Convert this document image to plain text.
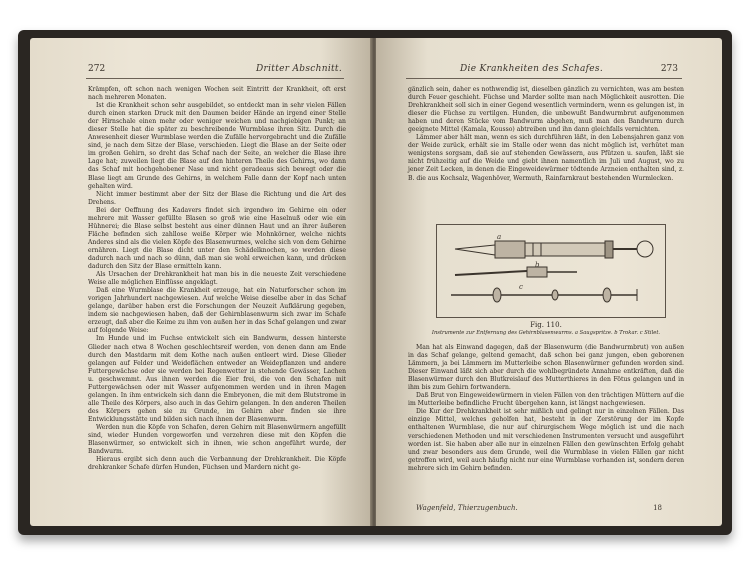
272	Dritter Abschnitt.

Krämpfen, oft schon nach wenigen Wochen seit Eintritt der Krankheit, oft erst nach mehreren Monaten.

Ist die Krankheit schon sehr ausgebildet, so entdeckt man in sehr vielen Fällen durch einen starken Druck mit den Daumen beider Hände an irgend einer Stelle der Hirnschale einen mehr oder weniger weichen und nachgiebigen Punkt; an dieser Stelle hat die später zu beschreibende Wurmblase ihren Sitz. Durch die Anwesenheit dieser Wurmblase werden die Zufälle hervorgebracht und die Zufälle sind, je nach dem Sitze der Blase, verschieden. Liegt die Blase an der Seite oder im großen Gehirn, so dreht das Schaf nach der Seite, an welcher die Blase ihre Lage hat; zuweilen liegt die Blase auf den hinteren Theile des Gehirns, wo dann das Schaf mit hochgehobener Nase und nicht geradeaus sich bewegt oder die Blase liegt am Grunde des Gehirns, in welchem Falle dann der Kopf nach unten gehalten wird.

Nicht immer bestimmt aber der Sitz der Blase die Richtung und die Art des Drehens.

Bei der Oeffnung des Kadavers findet sich irgendwo im Gehirne ein oder mehrere mit Wasser gefüllte Blasen so groß wie eine Haselnuß oder wie ein Hühnerei; die Blase selbst besteht aus einer dünnen Haut und an ihrer äußeren Fläche befinden sich zahllose weiße Körper wie Mohnkörner, welche nichts Anderes sind als die vielen Köpfe des Blasenwurmes, welche sich von dem Gehirne ernähren. Liegt die Blase dicht unter den Schädelknochen, so werden diese dadurch nach und nach so dünn, daß man sie wohl erweichen kann, und drücken dadurch den Sitz der Blase ermitteln kann.

Als Ursachen der Drehkrankheit hat man bis in die neueste Zeit verschiedene Weise alle möglichen Einflüsse angeklagt.

Daß eine Wurmblase die Krankheit erzeuge, hat ein Naturforscher schon im vorigen Jahrhundert nachgewiesen. Auf welche Weise dieselbe aber in das Schaf gelange, darüber haben erst die Forschungen der Neuzeit Aufklärung gegeben, indem sie nachgewiesen haben, daß der Gehirnblasenwurm sich zwar im Schafe erzeugt, daß aber die Keime zu ihm von außen her in das Schaf gelangen und zwar auf folgende Weise:

Im Hunde und im Fuchse entwickelt sich ein Bandwurm, dessen hinterste Glieder nach etwa 8 Wochen geschlechtsreif werden, von denen dann am Ende durch den Mastdarm mit dem Kothe nach außen entleert wird. Diese Glieder gelangen auf Felder und Weideflächen entweder an Weidepflanzen und andere Futtergewächse oder sie werden bei Regenwetter in stehende Gewässer, Lachen u. geschwemmt. Aus ihnen werden die Eier frei, die von den Schafen mit Futtergewächsen oder mit Wasser aufgenommen werden und in ihren Magen gelangen. In ihm entwickeln sich dann die Embryonen, die mit dem Blutstrome in alle Theile des Körpers, also auch in das Gehirn gelangen. In den anderen Theilen des Körpers gehen sie zu Grunde, im Gehirn aber finden sie ihre Entwicklungsstätte und bilden sich nach ihnen der Blasenwurm.

Werden nun die Köpfe von Schafen, deren Gehirn mit Blasenwürmern angefüllt sind, wieder Hunden vorgeworfen und verzehren diese mit den Köpfen die Blasenwürmer, so entwickelt sich in ihnen, wie schon angeführt wurde, der Bandwurm.

Hieraus ergibt sich denn auch die Verbannung der Drehkrankheit. Die Köpfe drehkranker Schafe dürfen Hunden, Füchsen und Mardern nicht ge-

Die Krankheiten des Schafes.	273

gänzlich sein, daher es nothwendig ist, dieselben gänzlich zu vernichten, was am besten durch Feuer geschieht. Füchse und Marder sollte man nach Möglichkeit ausrotten. Die Drehkrankheit soll sich in einer Gegend wesentlich vermindern, wenn es gelungen ist, in dieser die Füchse zu vertilgen. Hunden, die unbewußt Bandwurmbrut aufgenommen haben und deren Stücke vom Bandwurm abgehen, muß man den Bandwurm durch geeignete Mittel (Kamala, Kousso) abtreiben und ihn dann gleichfalls vernichten.

Lämmer aber hält man, wenn es sich durchführen läßt, in den Lebensjahren ganz von der Weide zurück, erhält sie im Stalle oder wenn das nicht möglich ist, verhütet man wenigstens sorgsam, daß sie auf stehenden Gewässern, aus Pfützen u. saufen, läßt sie nicht frühzeitig auf die Weide und giebt ihnen namentlich im Juli und August, wo zu jener Zeit Lecken, in denen die Eingeweidewürmer tödtende Arzneien enthalten sind, z. B. die aus Kochsalz, Wagenhöver, Wermuth, Rainfarnkraut bestehenden Wurmlecken.

a
b
c
Fig. 110.
Instrumente zur Entfernung des Gehirnblasenwurms. a Saugspritze. b Trokar. c Stilet.

Man hat als Einwand dagegen, daß der Blasenwurm (die Bandwurmbrut) von außen in das Schaf gelange, geltend gemacht, daß schon bei ganz jungen, eben geborenen Lämmern, ja bei Lämmern im Mutterleibe schon Blasenwürmer gefunden worden sind. Dieser Einwand läßt sich aber durch die wohlbegründete Annahme entkräften, daß die Blasenwürmer durch den Blutkreislauf des Mutterthieres in den Fötus gelangen und in ihm bis zum Gehirn fortwandern.

Daß Brut von Eingeweidewürmern in vielen Fällen von den trächtigen Müttern auf die im Mutterleibe befindliche Frucht übergehen kann, ist längst nachgewiesen.

Die Kur der Drehkrankheit ist sehr mißlich und gelingt nur in einzelnen Fällen. Das einzige Mittel, welches geholfen hat, besteht in der Zerstörung der im Kopfe enthaltenen Wurmblase, die nur auf chirurgischem Wege möglich ist und die nach verschiedenen Methoden und mit verschiedenen Instrumenten versucht und ausgeführt worden ist. Sie haben aber alle nur in einzelnen Fällen den gewünschten Erfolg gehabt und zwar besonders aus dem Grunde, weil die Wurmblase in vielen Fällen gar nicht getroffen wird, weil auch häufig nicht nur eine Wurmblase vorhanden ist, sondern deren mehrere sich im Gehirn befinden.

Wagenfeld, Thierzugenbuch.	18
